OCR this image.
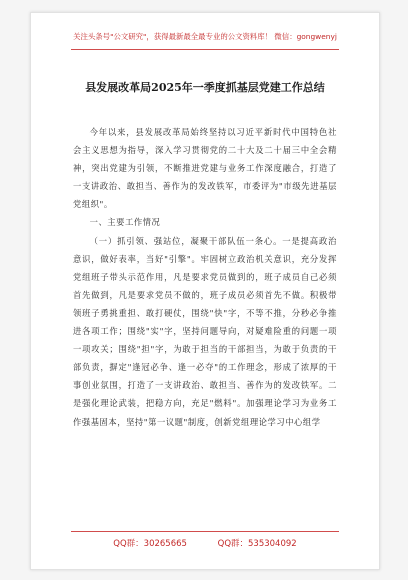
关注头条号"公文研究"，获得最新最全最专业的公文资料库！ 微信：gongwenyj
县发展改革局2025年一季度抓基层党建工作总结

今年以来，县发展改革局始终坚持以习近平新时代中国特色社会主义思想为指导，深入学习贯彻党的二十大及二十届三中全会精神，突出党建为引领，不断推进党建与业务工作深度融合，打造了一支讲政治、敢担当、善作为的发改铁军，市委评为"市级先进基层党组织"。

一、主要工作情况

（一）抓引领、强站位，凝聚干部队伍一条心。一是提高政治意识，做好表率，当好"引擎"。牢固树立政治机关意识，充分发挥党组班子带头示范作用，凡是要求党员做到的，班子成员自己必须首先做到，凡是要求党员不做的，班子成员必须首先不做。积极带领班子勇挑重担、敢打硬仗，围绕"快"字，不等不推，分秒必争推进各项工作；围绕"实"字，坚持问题导向，对疑难险重的问题一项一项攻关；围绕"担"字，为敢于担当的干部担当，为敢于负责的干部负责，摒定"逢冠必争、逢一必夺"的工作理念，形成了浓厚的干事创业氛围，打造了一支讲政治、敢担当、善作为的发改铁军。二是强化理论武装，把稳方向，充足"燃料"。加强理论学习为业务工作强基固本，坚持"第一议题"制度，创新党组理论学习中心组学

QQ群：30265665	QQ群：535304092
